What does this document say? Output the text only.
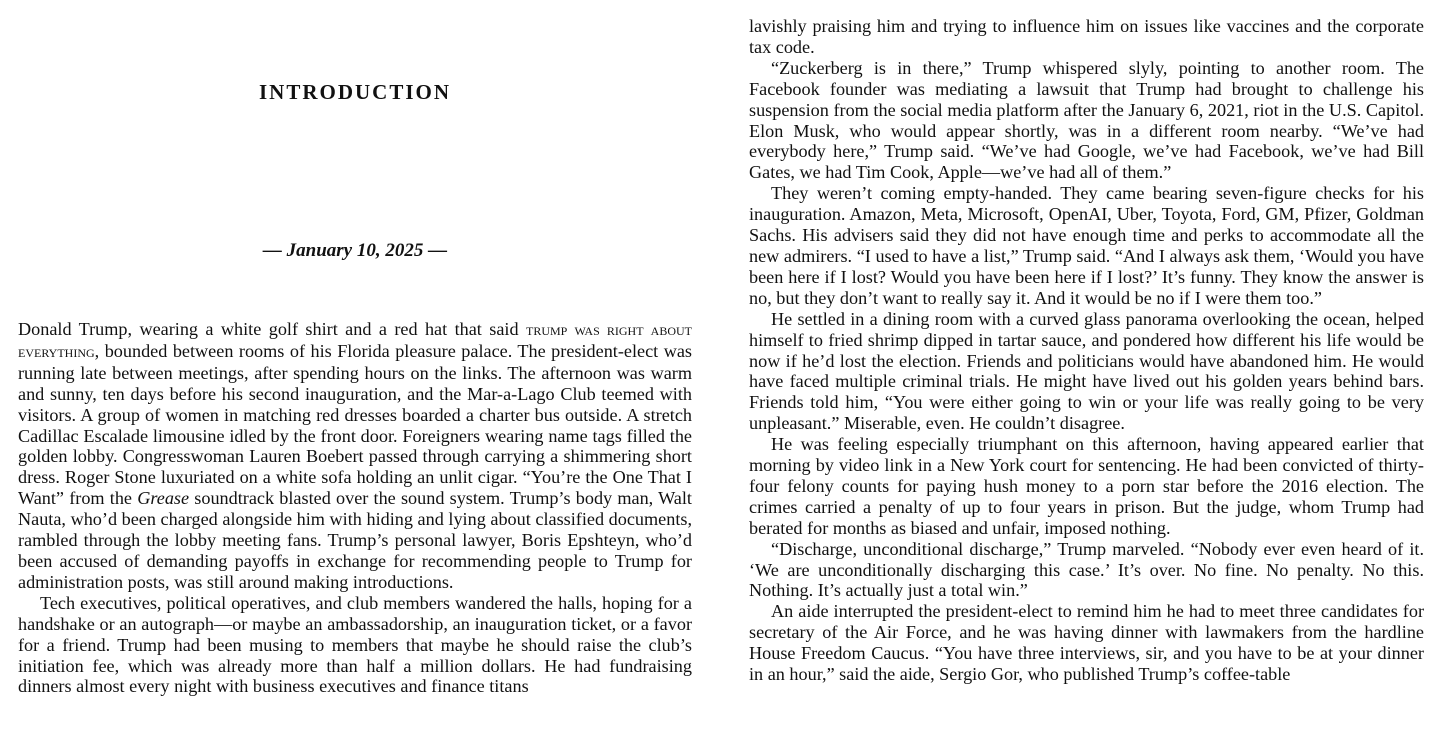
INTRODUCTION
— January 10, 2025 —

Donald Trump, wearing a white golf shirt and a red hat that said trump was right about everything, bounded between rooms of his Florida pleasure palace. The president-elect was running late between meetings, after spending hours on the links. The afternoon was warm and sunny, ten days before his second inauguration, and the Mar-a-Lago Club teemed with visitors. A group of women in matching red dresses boarded a charter bus outside. A stretch Cadillac Escalade limousine idled by the front door. Foreigners wearing name tags filled the golden lobby. Congresswoman Lauren Boebert passed through carrying a shimmering short dress. Roger Stone luxuriated on a white sofa holding an unlit cigar. “You’re the One That I Want” from the Grease soundtrack blasted over the sound system. Trump’s body man, Walt Nauta, who’d been charged alongside him with hiding and lying about classified documents, rambled through the lobby meeting fans. Trump’s personal lawyer, Boris Epshteyn, who’d been accused of demanding payoffs in exchange for recommending people to Trump for administration posts, was still around making introductions.

Tech executives, political operatives, and club members wandered the halls, hoping for a handshake or an autograph—or maybe an ambassadorship, an inauguration ticket, or a favor for a friend. Trump had been musing to members that maybe he should raise the club’s initiation fee, which was already more than half a million dollars. He had fundraising dinners almost every night with business executives and finance titans

lavishly praising him and trying to influence him on issues like vaccines and the corporate tax code.

“Zuckerberg is in there,” Trump whispered slyly, pointing to another room. The Facebook founder was mediating a lawsuit that Trump had brought to challenge his suspension from the social media platform after the January 6, 2021, riot in the U.S. Capitol. Elon Musk, who would appear shortly, was in a different room nearby. “We’ve had everybody here,” Trump said. “We’ve had Google, we’ve had Facebook, we’ve had Bill Gates, we had Tim Cook, Apple—we’ve had all of them.”

They weren’t coming empty-handed. They came bearing seven-figure checks for his inauguration. Amazon, Meta, Microsoft, OpenAI, Uber, Toyota, Ford, GM, Pfizer, Goldman Sachs. His advisers said they did not have enough time and perks to accommodate all the new admirers. “I used to have a list,” Trump said. “And I always ask them, ‘Would you have been here if I lost? Would you have been here if I lost?’ It’s funny. They know the answer is no, but they don’t want to really say it. And it would be no if I were them too.”

He settled in a dining room with a curved glass panorama overlooking the ocean, helped himself to fried shrimp dipped in tartar sauce, and pondered how different his life would be now if he’d lost the election. Friends and politicians would have abandoned him. He would have faced multiple criminal trials. He might have lived out his golden years behind bars. Friends told him, “You were either going to win or your life was really going to be very unpleasant.” Miserable, even. He couldn’t disagree.

He was feeling especially triumphant on this afternoon, having appeared earlier that morning by video link in a New York court for sentencing. He had been convicted of thirty-four felony counts for paying hush money to a porn star before the 2016 election. The crimes carried a penalty of up to four years in prison. But the judge, whom Trump had berated for months as biased and unfair, imposed nothing.

“Discharge, unconditional discharge,” Trump marveled. “Nobody ever even heard of it. ‘We are unconditionally discharging this case.’ It’s over. No fine. No penalty. No this. Nothing. It’s actually just a total win.”

An aide interrupted the president-elect to remind him he had to meet three candidates for secretary of the Air Force, and he was having dinner with lawmakers from the hardline House Freedom Caucus. “You have three interviews, sir, and you have to be at your dinner in an hour,” said the aide, Sergio Gor, who published Trump’s coffee-table
